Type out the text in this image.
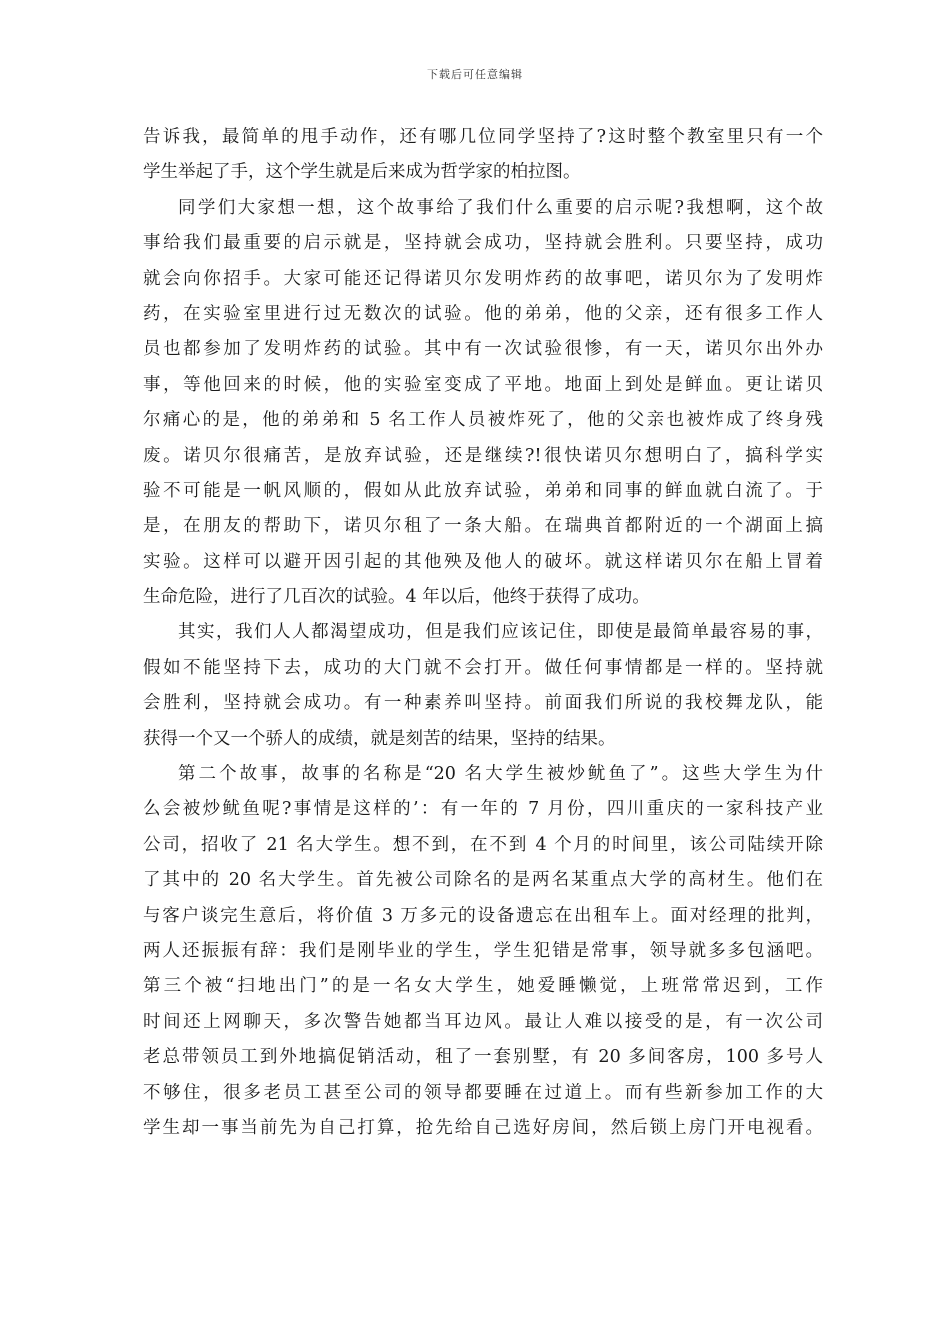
下载后可任意编辑
告诉我，最简单的甩手动作，还有哪几位同学坚持了?这时整个教室里只有一个
学生举起了手，这个学生就是后来成为哲学家的柏拉图。
同学们大家想一想，这个故事给了我们什么重要的启示呢?我想啊，这个故
事给我们最重要的启示就是，坚持就会成功，坚持就会胜利。只要坚持，成功
就会向你招手。大家可能还记得诺贝尔发明炸药的故事吧，诺贝尔为了发明炸
药，在实验室里进行过无数次的试验。他的弟弟，他的父亲，还有很多工作人
员也都参加了发明炸药的试验。其中有一次试验很惨，有一天，诺贝尔出外办
事，等他回来的时候，他的实验室变成了平地。地面上到处是鲜血。更让诺贝
尔痛心的是，他的弟弟和 5 名工作人员被炸死了，他的父亲也被炸成了终身残
废。诺贝尔很痛苦，是放弃试验，还是继续?!很快诺贝尔想明白了，搞科学实
验不可能是一帆风顺的，假如从此放弃试验，弟弟和同事的鲜血就白流了。于
是，在朋友的帮助下，诺贝尔租了一条大船。在瑞典首都附近的一个湖面上搞
实验。这样可以避开因引起的其他殃及他人的破坏。就这样诺贝尔在船上冒着
生命危险，进行了几百次的试验。4 年以后，他终于获得了成功。
其实，我们人人都渴望成功，但是我们应该记住，即使是最简单最容易的事，
假如不能坚持下去，成功的大门就不会打开。做任何事情都是一样的。坚持就
会胜利，坚持就会成功。有一种素养叫坚持。前面我们所说的我校舞龙队，能
获得一个又一个骄人的成绩，就是刻苦的结果，坚持的结果。
第二个故事，故事的名称是“20 名大学生被炒鱿鱼了”。这些大学生为什
么会被炒鱿鱼呢?事情是这样的’：有一年的 7 月份，四川重庆的一家科技产业
公司，招收了 21 名大学生。想不到，在不到 4 个月的时间里，该公司陆续开除
了其中的 20 名大学生。首先被公司除名的是两名某重点大学的高材生。他们在
与客户谈完生意后，将价值 3 万多元的设备遗忘在出租车上。面对经理的批判，
两人还振振有辞：我们是刚毕业的学生，学生犯错是常事，领导就多多包涵吧。
第三个被“扫地出门”的是一名女大学生，她爱睡懒觉，上班常常迟到，工作
时间还上网聊天，多次警告她都当耳边风。最让人难以接受的是，有一次公司
老总带领员工到外地搞促销活动，租了一套别墅，有 20 多间客房，100 多号人
不够住，很多老员工甚至公司的领导都要睡在过道上。而有些新参加工作的大
学生却一事当前先为自己打算，抢先给自己选好房间，然后锁上房门开电视看。
